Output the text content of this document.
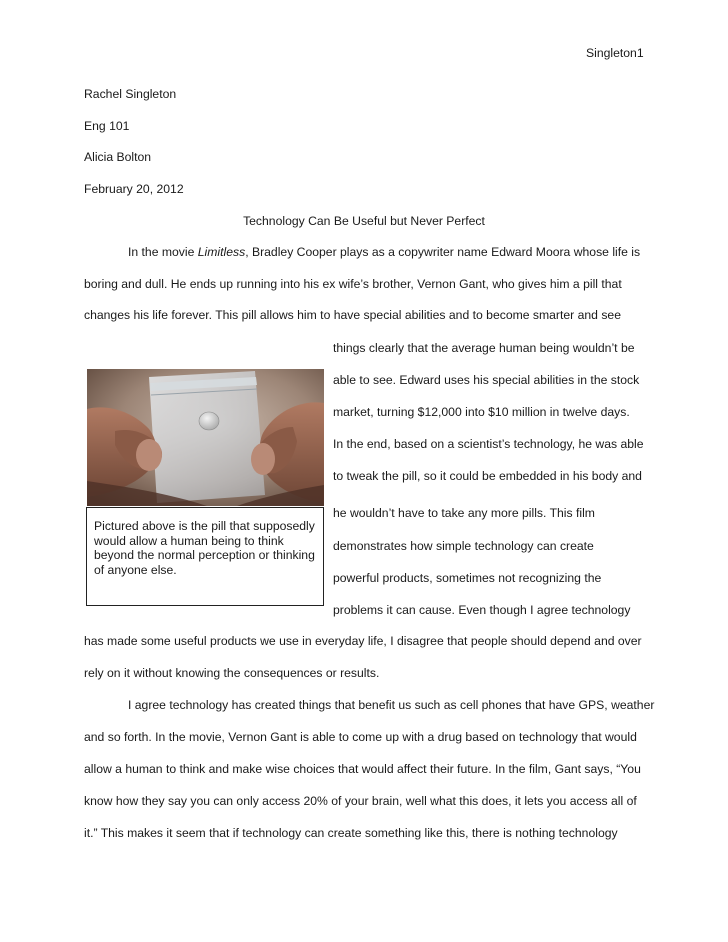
Singleton1
Rachel Singleton
Eng 101
Alicia Bolton
February 20, 2012
Technology Can Be Useful but Never Perfect
In the movie Limitless, Bradley Cooper plays as a copywriter name Edward Moora whose life is
boring and dull. He ends up running into his ex wife’s brother, Vernon Gant, who gives him a pill that
changes his life forever. This pill allows him to have special abilities and to become smarter and see
things clearly that the average human being wouldn’t be
able to see. Edward uses his special abilities in the stock
market, turning $12,000 into $10 million in twelve days.
In the end, based on a scientist’s technology, he was able
to tweak the pill, so it could be embedded in his body and
he wouldn’t have to take any more pills. This film
demonstrates how simple technology can create
powerful products, sometimes not recognizing the
problems it can cause. Even though I agree technology
has made some useful products we use in everyday life, I disagree that people should depend and over
rely on it without knowing the consequences or results.
I agree technology has created things that benefit us such as cell phones that have GPS, weather
and so forth. In the movie, Vernon Gant is able to come up with a drug based on technology that would
allow a human to think and make wise choices that would affect their future. In the film, Gant says, “You
know how they say you can only access 20% of your brain, well what this does, it lets you access all of
it.” This makes it seem that if technology can create something like this, there is nothing technology
Pictured above is the pill that supposedly would allow a human being to think beyond the normal perception or thinking of anyone else.
